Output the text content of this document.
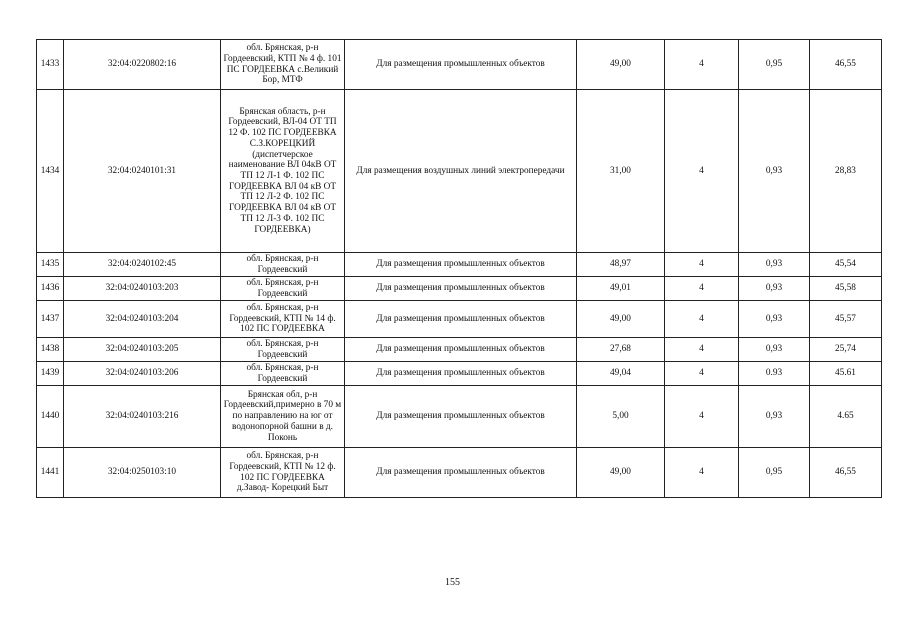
1433	32:04:0220802:16	обл. Брянская, р-н Гордеевский, КТП № 4 ф. 101 ПС ГОРДЕЕВКА с.Великий Бор, МТФ	Для размещения промышленных объектов	49,00	4	0,95	46,55
1434	32:04:0240101:31	Брянская область, р-н Гордеевский, ВЛ-04 ОТ ТП 12 Ф. 102 ПС ГОРДЕЕВКА С.З.КОРЕЦКИЙ (диспетчерское наименование ВЛ 04кВ ОТ ТП 12 Л-1 Ф. 102 ПС ГОРДЕЕВКА ВЛ 04 кВ ОТ ТП 12 Л-2 Ф. 102 ПС ГОРДЕЕВКА ВЛ 04 кВ ОТ ТП 12 Л-3 Ф. 102 ПС ГОРДЕЕВКА)	Для размещения воздушных линий электропередачи	31,00	4	0,93	28,83
1435	32:04:0240102:45	обл. Брянская, р-н Гордеевский	Для размещения промышленных объектов	48,97	4	0,93	45,54
1436	32:04:0240103:203	обл. Брянская, р-н Гордеевский	Для размещения промышленных объектов	49,01	4	0,93	45,58
1437	32:04:0240103:204	обл. Брянская, р-н Гордеевский, КТП № 14 ф. 102 ПС ГОРДЕЕВКА	Для размещения промышленных объектов	49,00	4	0,93	45,57
1438	32:04:0240103:205	обл. Брянская, р-н Гордеевский	Для размещения промышленных объектов	27,68	4	0,93	25,74
1439	32:04:0240103:206	обл. Брянская, р-н Гордеевский	Для размещения промышленных объектов	49,04	4	0.93	45.61
1440	32:04:0240103:216	Брянская обл, р-н Гордеевский,примерно в 70 м по направлению на юг от водонопорной башни в д. Поконь	Для размещения промышленных объектов	5,00	4	0,93	4.65
1441	32:04:0250103:10	обл. Брянская, р-н Гордеевский, КТП № 12 ф. 102 ПС ГОРДЕЕВКА д.Завод- Корецкий Быт	Для размещения промышленных объектов	49,00	4	0,95	46,55
155
